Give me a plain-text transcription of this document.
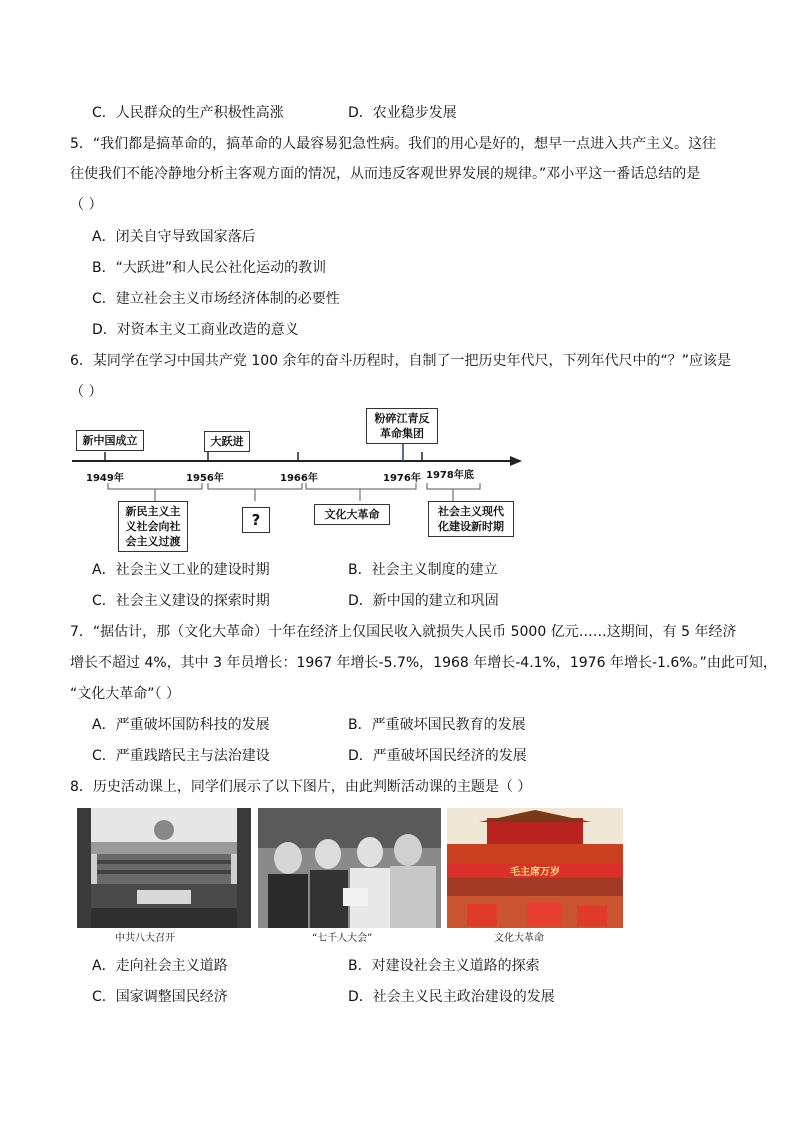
C．人民群众的生产积极性高涨	D．农业稳步发展
5．“我们都是搞革命的，搞革命的人最容易犯急性病。我们的用心是好的，想早一点进入共产主义。这往
往使我们不能冷静地分析主客观方面的情况，从而违反客观世界发展的规律。”邓小平这一番话总结的是
（ ）
A．闭关自守导致国家落后
B．“大跃进”和人民公社化运动的教训
C．建立社会主义市场经济体制的必要性
D．对资本主义工商业改造的意义
6．某同学在学习中国共产党 100 余年的奋斗历程时，自制了一把历史年代尺，下列年代尺中的“？”应该是
（ ）
新中国成立	大跃进
粉碎江青反革命集团
1949年	1956年	1966年	1976年 1978年底
新民主义主义社会向社会主义过渡
?	文化大革命	社会主义现代化建设新时期
A．社会主义工业的建设时期	B．社会主义制度的建立
C．社会主义建设的探索时期	D．新中国的建立和巩固
7．“据估计，那（文化大革命）十年在经济上仅国民收入就损失人民币 5000 亿元……这期间，有 5 年经济
增长不超过 4%，其中 3 年员增长：1967 年增长-5.7%，1968 年增长-4.1%，1976 年增长-1.6%。”由此可知，
“文化大革命”（ ）
A．严重破坏国防科技的发展	B．严重破坏国民教育的发展
C．严重践踏民主与法治建设	D．严重破坏国民经济的发展
8．历史活动课上，同学们展示了以下图片，由此判断活动课的主题是（ ）
中共八大召开	“七千人大会”
毛主席万岁
文化大革命
A．走向社会主义道路	B．对建设社会主义道路的探索
C．国家调整国民经济	D．社会主义民主政治建设的发展
